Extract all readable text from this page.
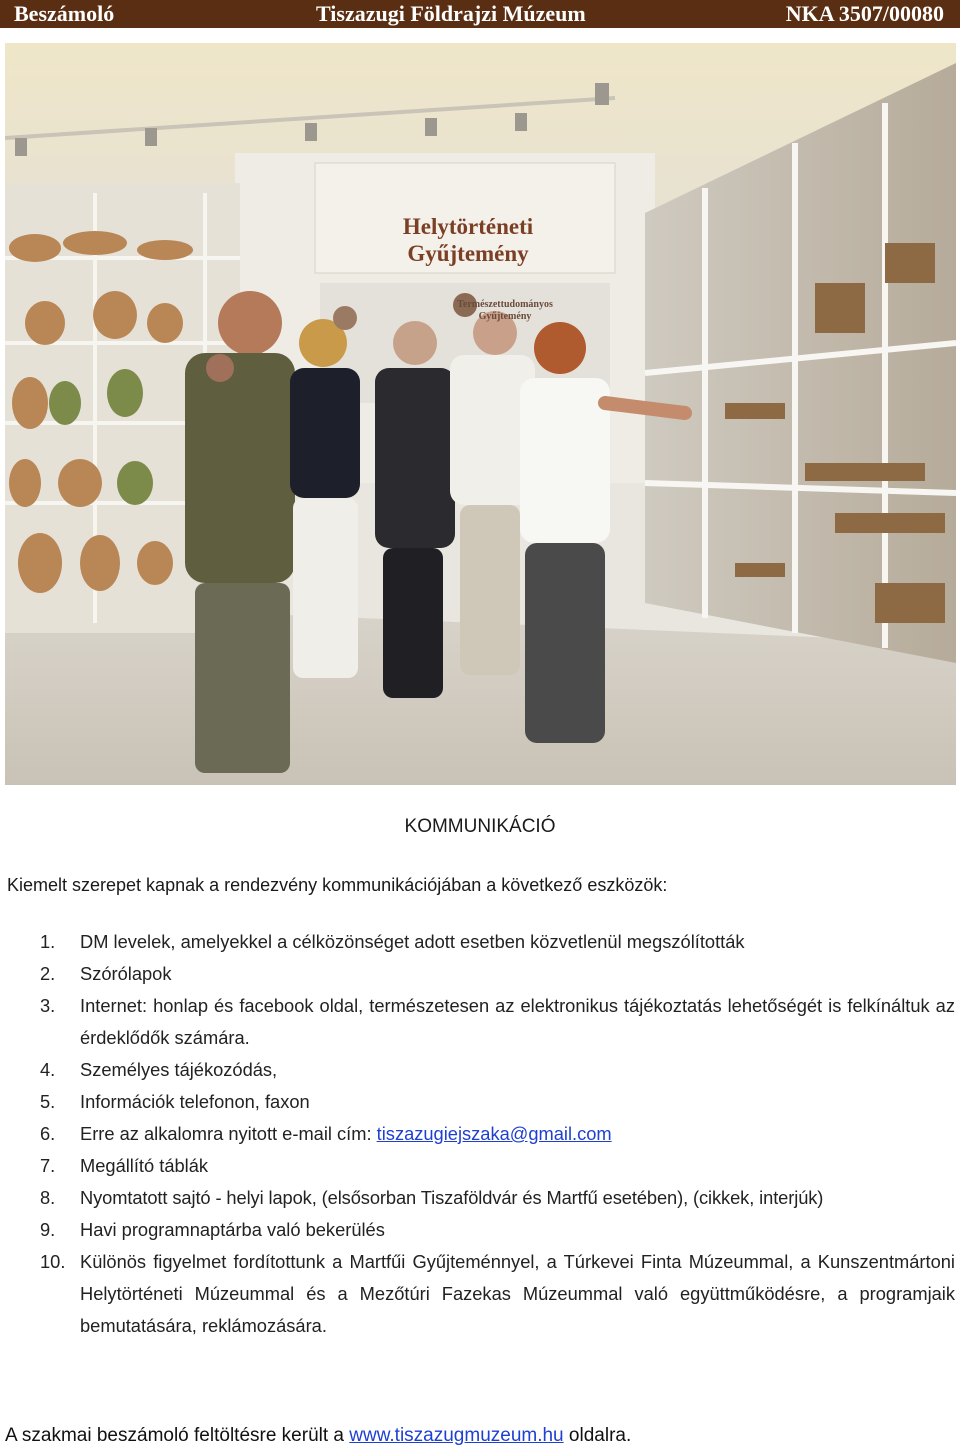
Beszámoló	Tiszazugi Földrajzi Múzeum	NKA 3507/00080
Helytörténeti
Gyűjtemény
Természettudományos
Gyűjtemény
KOMMUNIKÁCIÓ
Kiemelt szerepet kapnak a rendezvény kommunikációjában a következő eszközök:
1. DM levelek, amelyekkel a célközönséget adott esetben közvetlenül megszólították
2. Szórólapok
3. Internet: honlap és facebook oldal, természetesen az elektronikus tájékoztatás lehetőségét is felkínáltuk az érdeklődők számára.
4. Személyes tájékozódás,
5. Információk telefonon, faxon
6. Erre az alkalomra nyitott e-mail cím: tiszazugiejszaka@gmail.com
7. Megállító táblák
8. Nyomtatott sajtó - helyi lapok, (elsősorban Tiszaföldvár és Martfű esetében), (cikkek, interjúk)
9. Havi programnaptárba való bekerülés
10. Különös figyelmet fordítottunk a Martfűi Gyűjteménnyel, a Túrkevei Finta Múzeummal, a Kunszentmártoni Helytörténeti Múzeummal és a Mezőtúri Fazekas Múzeummal való együttműködésre, a programjaik bemutatására, reklámozására.
A szakmai beszámoló feltöltésre került a www.tiszazugmuzeum.hu oldalra.
